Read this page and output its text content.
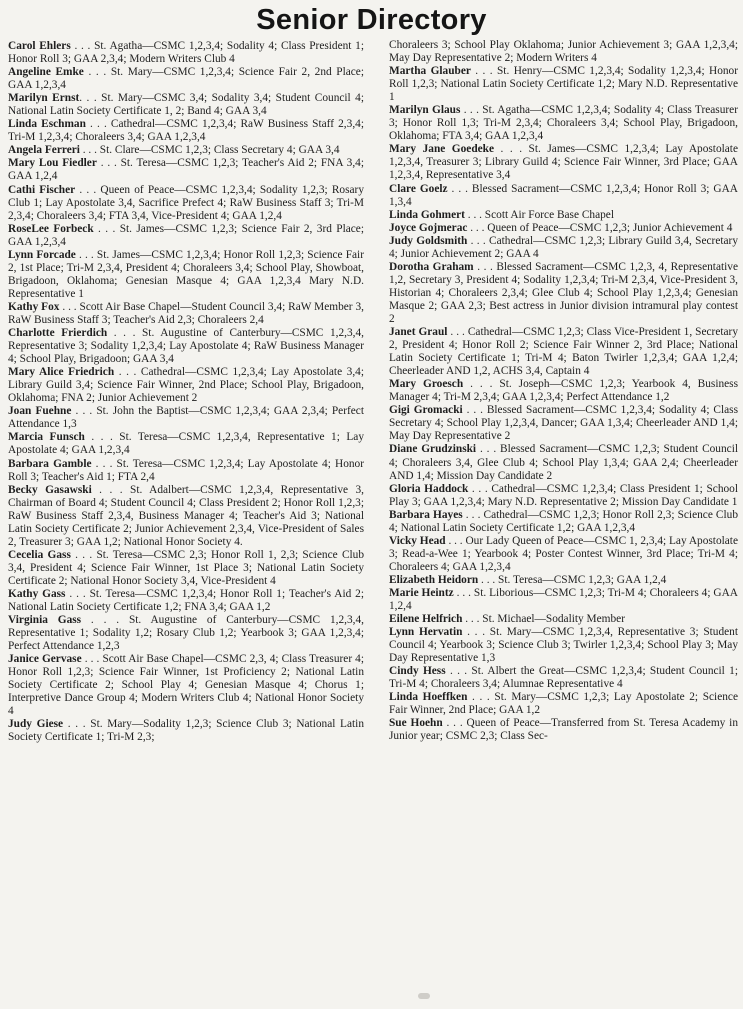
Senior Directory

Carol Ehlers . . . St. Agatha—CSMC 1,2,3,4; Sodality 4; Class President 1; Honor Roll 3; GAA 2,3,4; Modern Writers Club 4

Angeline Emke . . . St. Mary—CSMC 1,2,3,4; Science Fair 2, 2nd Place; GAA 1,2,3,4

Marilyn Ernst. . . St. Mary—CSMC 3,4; Sodality 3,4; Student Council 4; National Latin Society Certificate 1, 2; Band 4; GAA 3,4

Linda Eschman . . . Cathedral—CSMC 1,2,3,4; RaW Business Staff 2,3,4; Tri-M 1,2,3,4; Choraleers 3,4; GAA 1,2,3,4

Angela Ferreri . . . St. Clare—CSMC 1,2,3; Class Secretary 4; GAA 3,4

Mary Lou Fiedler . . . St. Teresa—CSMC 1,2,3; Teacher's Aid 2; FNA 3,4; GAA 1,2,4

Cathi Fischer . . . Queen of Peace—CSMC 1,2,3,4; Sodality 1,2,3; Rosary Club 1; Lay Apostolate 3,4, Sacrifice Prefect 4; RaW Business Staff 3; Tri-M 2,3,4; Choraleers 3,4; FTA 3,4, Vice-President 4; GAA 1,2,4

RoseLee Forbeck . . . St. James—CSMC 1,2,3; Science Fair 2, 3rd Place; GAA 1,2,3,4

Lynn Forcade . . . St. James—CSMC 1,2,3,4; Honor Roll 1,2,3; Science Fair 2, 1st Place; Tri-M 2,3,4, President 4; Choraleers 3,4; School Play, Showboat, Brigadoon, Oklahoma; Genesian Masque 4; GAA 1,2,3,4 Mary N.D. Representative 1

Kathy Fox . . . Scott Air Base Chapel—Student Council 3,4; RaW Member 3, RaW Business Staff 3; Teacher's Aid 2,3; Choraleers 2,4

Charlotte Frierdich . . . St. Augustine of Canterbury—CSMC 1,2,3,4, Representative 3; Sodality 1,2,3,4; Lay Apostolate 4; RaW Business Manager 4; School Play, Brigadoon; GAA 3,4

Mary Alice Friedrich . . . Cathedral—CSMC 1,2,3,4; Lay Apostolate 3,4; Library Guild 3,4; Science Fair Winner, 2nd Place; School Play, Brigadoon, Oklahoma; FNA 2; Junior Achievement 2

Joan Fuehne . . . St. John the Baptist—CSMC 1,2,3,4; GAA 2,3,4; Perfect Attendance 1,3

Marcia Funsch . . . St. Teresa—CSMC 1,2,3,4, Representative 1; Lay Apostolate 4; GAA 1,2,3,4

Barbara Gamble . . . St. Teresa—CSMC 1,2,3,4; Lay Apostolate 4; Honor Roll 3; Teacher's Aid 1; FTA 2,4

Becky Gasawski . . . St. Adalbert—CSMC 1,2,3,4, Representative 3, Chairman of Board 4; Student Council 4; Class President 2; Honor Roll 1,2,3; RaW Business Staff 2,3,4, Business Manager 4; Teacher's Aid 3; National Latin Society Certificate 2; Junior Achievement 2,3,4, Vice-President of Sales 2, Treasurer 3; GAA 1,2; National Honor Society 4.

Cecelia Gass . . . St. Teresa—CSMC 2,3; Honor Roll 1, 2,3; Science Club 3,4, President 4; Science Fair Winner, 1st Place 3; National Latin Society Certificate 2; National Honor Society 3,4, Vice-President 4

Kathy Gass . . . St. Teresa—CSMC 1,2,3,4; Honor Roll 1; Teacher's Aid 2; National Latin Society Certificate 1,2; FNA 3,4; GAA 1,2

Virginia Gass . . . St. Augustine of Canterbury—CSMC 1,2,3,4, Representative 1; Sodality 1,2; Rosary Club 1,2; Yearbook 3; GAA 1,2,3,4; Perfect Attendance 1,2,3

Janice Gervase . . . Scott Air Base Chapel—CSMC 2,3, 4; Class Treasurer 4; Honor Roll 1,2,3; Science Fair Winner, 1st Proficiency 2; National Latin Society Certificate 2; School Play 4; Genesian Masque 4; Chorus 1; Interpretive Dance Group 4; Modern Writers Club 4; National Honor Society 4

Judy Giese . . . St. Mary—Sodality 1,2,3; Science Club 3; National Latin Society Certificate 1; Tri-M 2,3;

Choraleers 3; School Play Oklahoma; Junior Achievement 3; GAA 1,2,3,4; May Day Representative 2; Modern Writers 4

Martha Glauber . . . St. Henry—CSMC 1,2,3,4; Sodality 1,2,3,4; Honor Roll 1,2,3; National Latin Society Certificate 1,2; Mary N.D. Representative 1

Marilyn Glaus . . . St. Agatha—CSMC 1,2,3,4; Sodality 4; Class Treasurer 3; Honor Roll 1,3; Tri-M 2,3,4; Choraleers 3,4; School Play, Brigadoon, Oklahoma; FTA 3,4; GAA 1,2,3,4

Mary Jane Goedeke . . . St. James—CSMC 1,2,3,4; Lay Apostolate 1,2,3,4, Treasurer 3; Library Guild 4; Science Fair Winner, 3rd Place; GAA 1,2,3,4, Representative 3,4

Clare Goelz . . . Blessed Sacrament—CSMC 1,2,3,4; Honor Roll 3; GAA 1,3,4

Linda Gohmert . . . Scott Air Force Base Chapel

Joyce Gojmerac . . . Queen of Peace—CSMC 1,2,3; Junior Achievement 4

Judy Goldsmith . . . Cathedral—CSMC 1,2,3; Library Guild 3,4, Secretary 4; Junior Achievement 2; GAA 4

Dorotha Graham . . . Blessed Sacrament—CSMC 1,2,3, 4, Representative 1,2, Secretary 3, President 4; Sodality 1,2,3,4; Tri-M 2,3,4, Vice-President 3, Historian 4; Choraleers 2,3,4; Glee Club 4; School Play 1,2,3,4; Genesian Masque 2; GAA 2,3; Best actress in Junior division intramural play contest 2

Janet Graul . . . Cathedral—CSMC 1,2,3; Class Vice-President 1, Secretary 2, President 4; Honor Roll 2; Science Fair Winner 2, 3rd Place; National Latin Society Certificate 1; Tri-M 4; Baton Twirler 1,2,3,4; GAA 1,2,4; Cheerleader AND 1,2, ACHS 3,4, Captain 4

Mary Groesch . . . St. Joseph—CSMC 1,2,3; Yearbook 4, Business Manager 4; Tri-M 2,3,4; GAA 1,2,3,4; Perfect Attendance 1,2

Gigi Gromacki . . . Blessed Sacrament—CSMC 1,2,3,4; Sodality 4; Class Secretary 4; School Play 1,2,3,4, Dancer; GAA 1,3,4; Cheerleader AND 1,4; May Day Representative 2

Diane Grudzinski . . . Blessed Sacrament—CSMC 1,2,3; Student Council 4; Choraleers 3,4, Glee Club 4; School Play 1,3,4; GAA 2,4; Cheerleader AND 1,4; Mission Day Candidate 2

Gloria Haddock . . . Cathedral—CSMC 1,2,3,4; Class President 1; School Play 3; GAA 1,2,3,4; Mary N.D. Representative 2; Mission Day Candidate 1

Barbara Hayes . . . Cathedral—CSMC 1,2,3; Honor Roll 2,3; Science Club 4; National Latin Society Certificate 1,2; GAA 1,2,3,4

Vicky Head . . . Our Lady Queen of Peace—CSMC 1, 2,3,4; Lay Apostolate 3; Read-a-Wee 1; Yearbook 4; Poster Contest Winner, 3rd Place; Tri-M 4; Choraleers 4; GAA 1,2,3,4

Elizabeth Heidorn . . . St. Teresa—CSMC 1,2,3; GAA 1,2,4

Marie Heintz . . . St. Liborious—CSMC 1,2,3; Tri-M 4; Choraleers 4; GAA 1,2,4

Eilene Helfrich . . . St. Michael—Sodality Member

Lynn Hervatin . . . St. Mary—CSMC 1,2,3,4, Representative 3; Student Council 4; Yearbook 3; Science Club 3; Twirler 1,2,3,4; School Play 3; May Day Representative 1,3

Cindy Hess . . . St. Albert the Great—CSMC 1,2,3,4; Student Council 1; Tri-M 4; Choraleers 3,4; Alumnae Representative 4

Linda Hoeffken . . . St. Mary—CSMC 1,2,3; Lay Apostolate 2; Science Fair Winner, 2nd Place; GAA 1,2

Sue Hoehn . . . Queen of Peace—Transferred from St. Teresa Academy in Junior year; CSMC 2,3; Class Sec-
